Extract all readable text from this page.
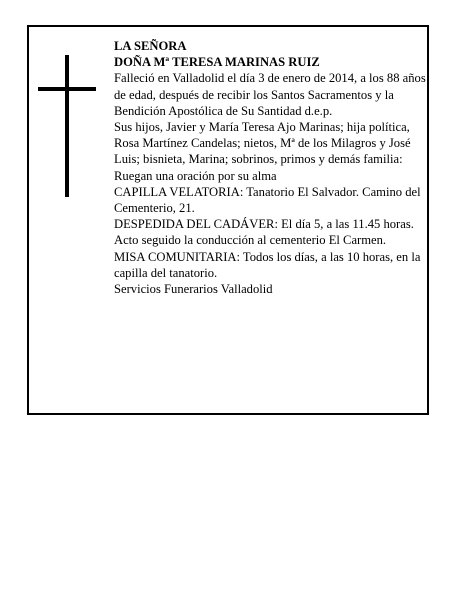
LA SEÑORA

DOÑA Mª TERESA MARINAS RUIZ

Falleció en Valladolid el día 3 de enero de 2014, a los 88 años de edad, después de recibir los Santos Sacramentos y la Bendición Apostólica de Su Santidad d.e.p.

Sus hijos, Javier y María Teresa Ajo Marinas; hija política, Rosa Martínez Candelas; nietos, Mª de los Milagros y José Luis; bisnieta, Marina; sobrinos, primos y demás familia:

Ruegan una oración por su alma

CAPILLA VELATORIA: Tanatorio El Salvador. Camino del Cementerio, 21.

DESPEDIDA DEL CADÁVER: El día 5, a las 11.45 horas. Acto seguido la conducción al cementerio El Carmen.

MISA COMUNITARIA: Todos los días, a las 10 horas, en la capilla del tanatorio.

Servicios Funerarios Valladolid
